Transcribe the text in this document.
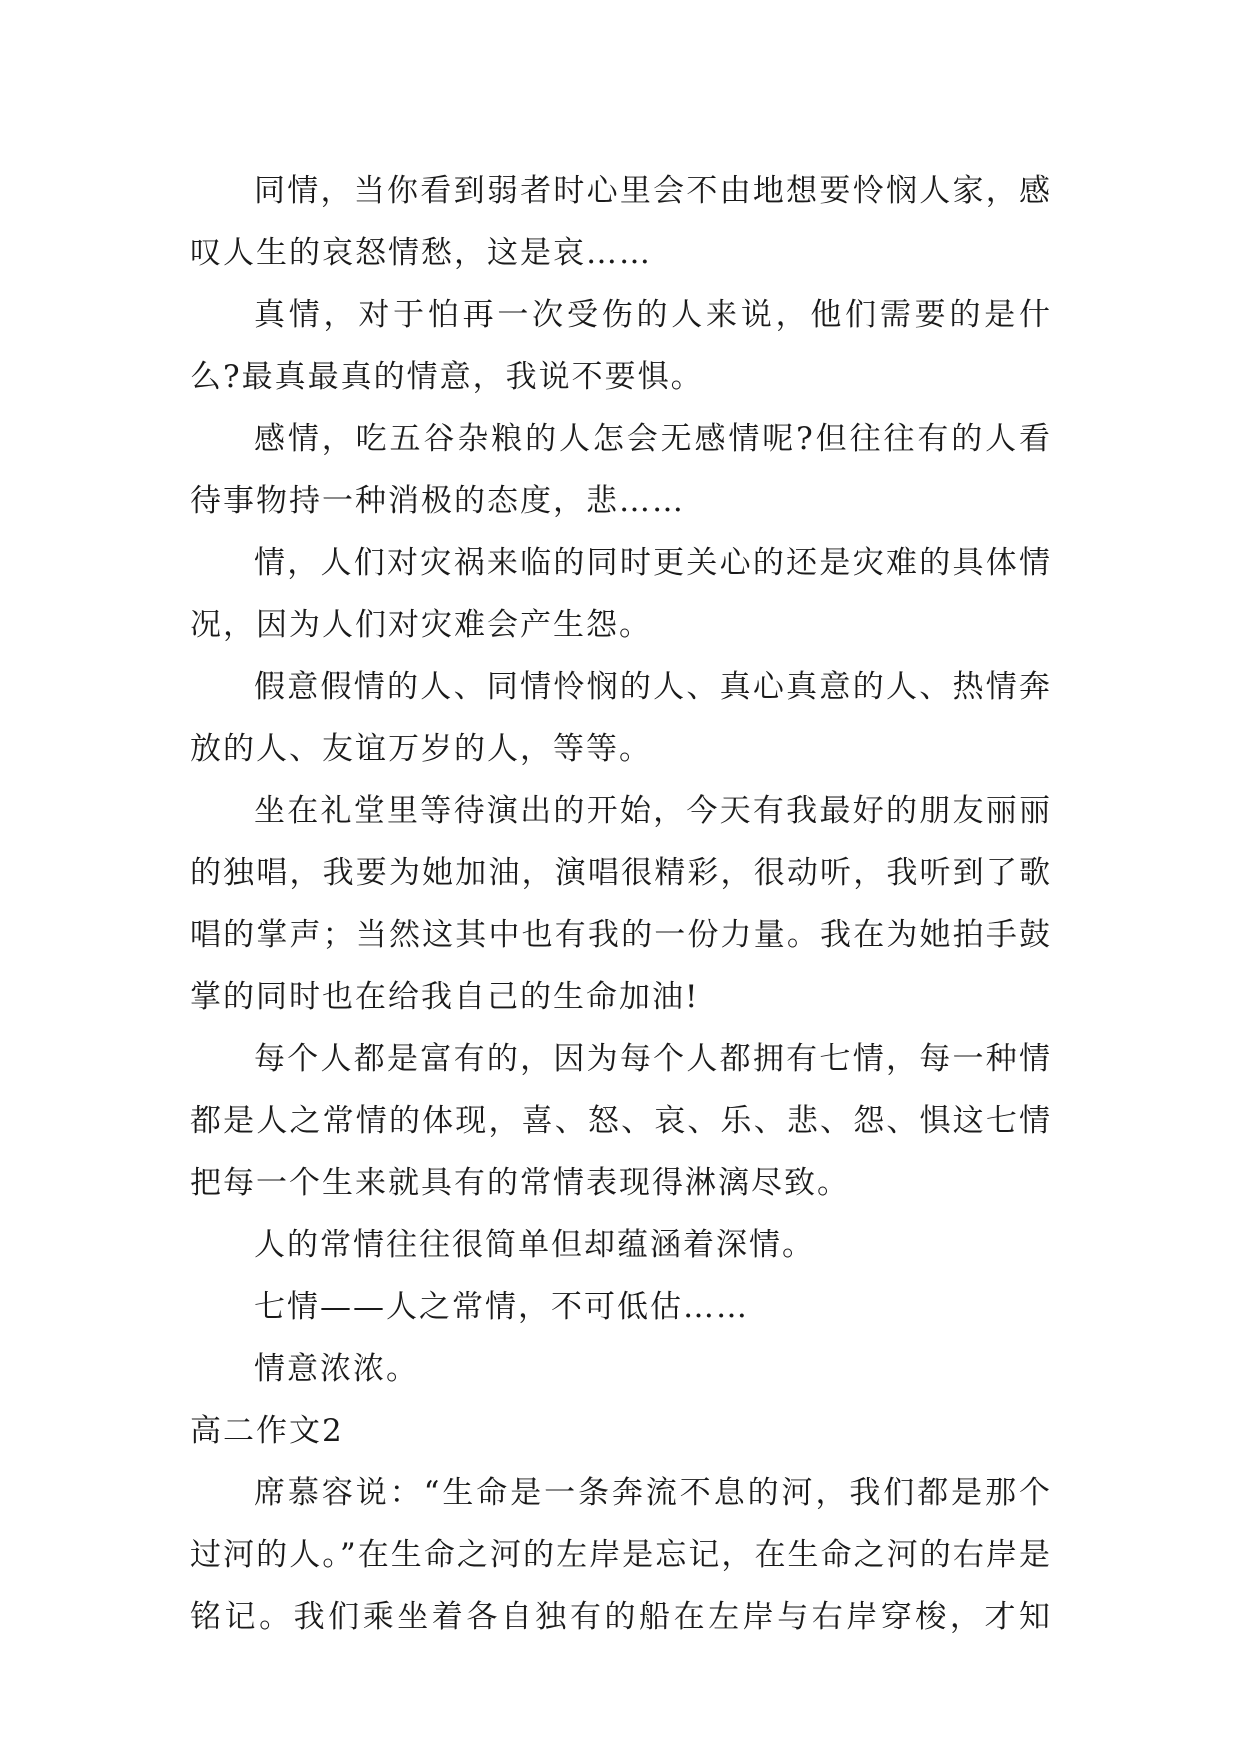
同情，当你看到弱者时心里会不由地想要怜悯人家，感叹人生的哀怒情愁，这是哀……

真情，对于怕再一次受伤的人来说，他们需要的是什么?最真最真的情意，我说不要惧。

感情，吃五谷杂粮的人怎会无感情呢?但往往有的人看待事物持一种消极的态度，悲……

情，人们对灾祸来临的同时更关心的还是灾难的具体情况，因为人们对灾难会产生怨。

假意假情的人、同情怜悯的人、真心真意的人、热情奔放的人、友谊万岁的人，等等。

坐在礼堂里等待演出的开始，今天有我最好的朋友丽丽的独唱，我要为她加油，演唱很精彩，很动听，我听到了歌唱的掌声；当然这其中也有我的一份力量。我在为她拍手鼓掌的同时也在给我自己的生命加油!

每个人都是富有的，因为每个人都拥有七情，每一种情都是人之常情的体现，喜、怒、哀、乐、悲、怨、惧这七情把每一个生来就具有的常情表现得淋漓尽致。

人的常情往往很简单但却蕴涵着深情。

七情——人之常情，不可低估……

情意浓浓。

高二作文2

席慕容说：“生命是一条奔流不息的河，我们都是那个过河的人。”在生命之河的左岸是忘记，在生命之河的右岸是铭记。我们乘坐着各自独有的船在左岸与右岸穿梭，才知
